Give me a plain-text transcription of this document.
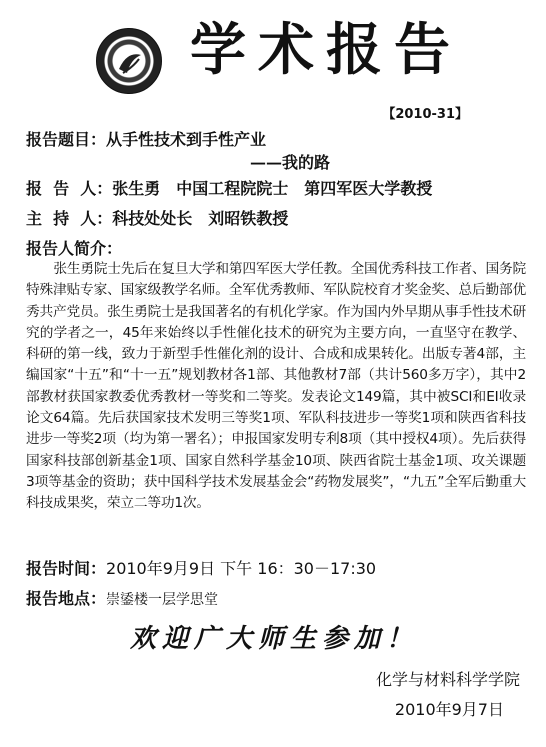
学术报告
【2010-31】
报告题目：从手性技术到手性产业
——我的路
报  告  人：张生勇　中国工程院院士　第四军医大学教授
主  持  人：科技处处长　刘昭铁教授
报告人简介：
张生勇院士先后在复旦大学和第四军医大学任教。全国优秀科技工作者、国务院特殊津贴专家、国家级教学名师。全军优秀教师、军队院校育才奖金奖、总后勤部优秀共产党员。张生勇院士是我国著名的有机化学家。作为国内外早期从事手性技术研究的学者之一，45年来始终以手性催化技术的研究为主要方向，一直坚守在教学、科研的第一线，致力于新型手性催化剂的设计、合成和成果转化。出版专著4部，主编国家“十五”和“十一五”规划教材各1部、其他教材7部（共计560多万字），其中2部教材获国家教委优秀教材一等奖和二等奖。发表论文149篇，其中被SCI和EI收录论文64篇。先后获国家技术发明三等奖1项、军队科技进步一等奖1项和陕西省科技进步一等奖2项（均为第一署名）；申报国家发明专利8项（其中授权4项）。先后获得国家科技部创新基金1项、国家自然科学基金10项、陕西省院士基金1项、攻关课题3项等基金的资助；获中国科学技术发展基金会“药物发展奖”，“九五”全军后勤重大科技成果奖，荣立二等功1次。
报告时间：2010年9月9日 下午 16：30－17:30
报告地点：崇鋈楼一层学思堂
欢迎广大师生参加！
化学与材料科学学院
2010年9月7日
